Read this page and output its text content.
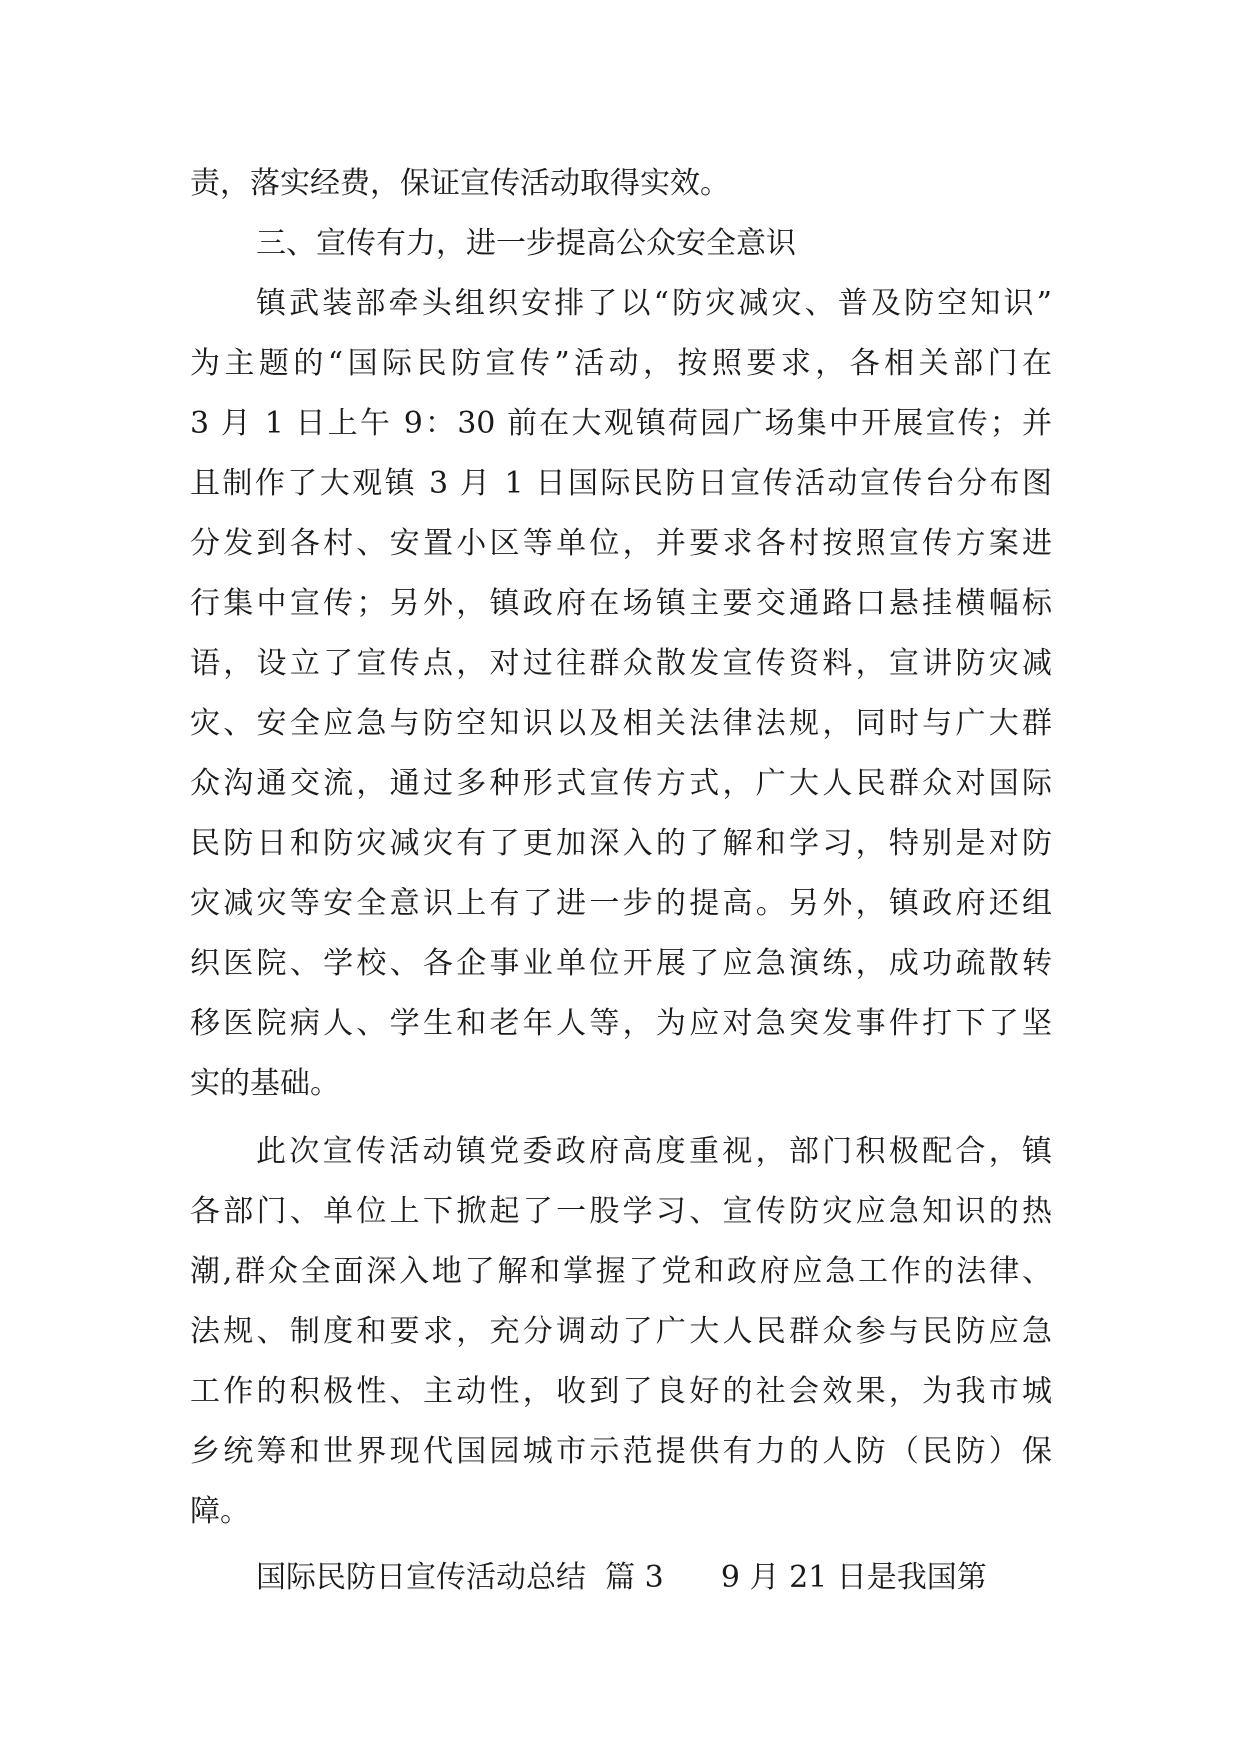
责，落实经费，保证宣传活动取得实效。
三、宣传有力，进一步提高公众安全意识
镇武装部牵头组织安排了以“防灾减灾、普及防空知识”
为主题的“国际民防宣传”活动，按照要求，各相关部门在
3 月 1 日上午 9：30 前在大观镇荷园广场集中开展宣传；并
且制作了大观镇 3 月 1 日国际民防日宣传活动宣传台分布图
分发到各村、安置小区等单位，并要求各村按照宣传方案进
行集中宣传；另外，镇政府在场镇主要交通路口悬挂横幅标
语，设立了宣传点，对过往群众散发宣传资料，宣讲防灾减
灾、安全应急与防空知识以及相关法律法规，同时与广大群
众沟通交流，通过多种形式宣传方式，广大人民群众对国际
民防日和防灾减灾有了更加深入的了解和学习，特别是对防
灾减灾等安全意识上有了进一步的提高。另外，镇政府还组
织医院、学校、各企事业单位开展了应急演练，成功疏散转
移医院病人、学生和老年人等，为应对急突发事件打下了坚
实的基础。
此次宣传活动镇党委政府高度重视，部门积极配合，镇
各部门、单位上下掀起了一股学习、宣传防灾应急知识的热
潮,群众全面深入地了解和掌握了党和政府应急工作的法律、
法规、制度和要求，充分调动了广大人民群众参与民防应急
工作的积极性、主动性，收到了良好的社会效果，为我市城
乡统筹和世界现代国园城市示范提供有力的人防（民防）保
障。
国际民防日宣传活动总结  篇 3      9 月 21 日是我国第
